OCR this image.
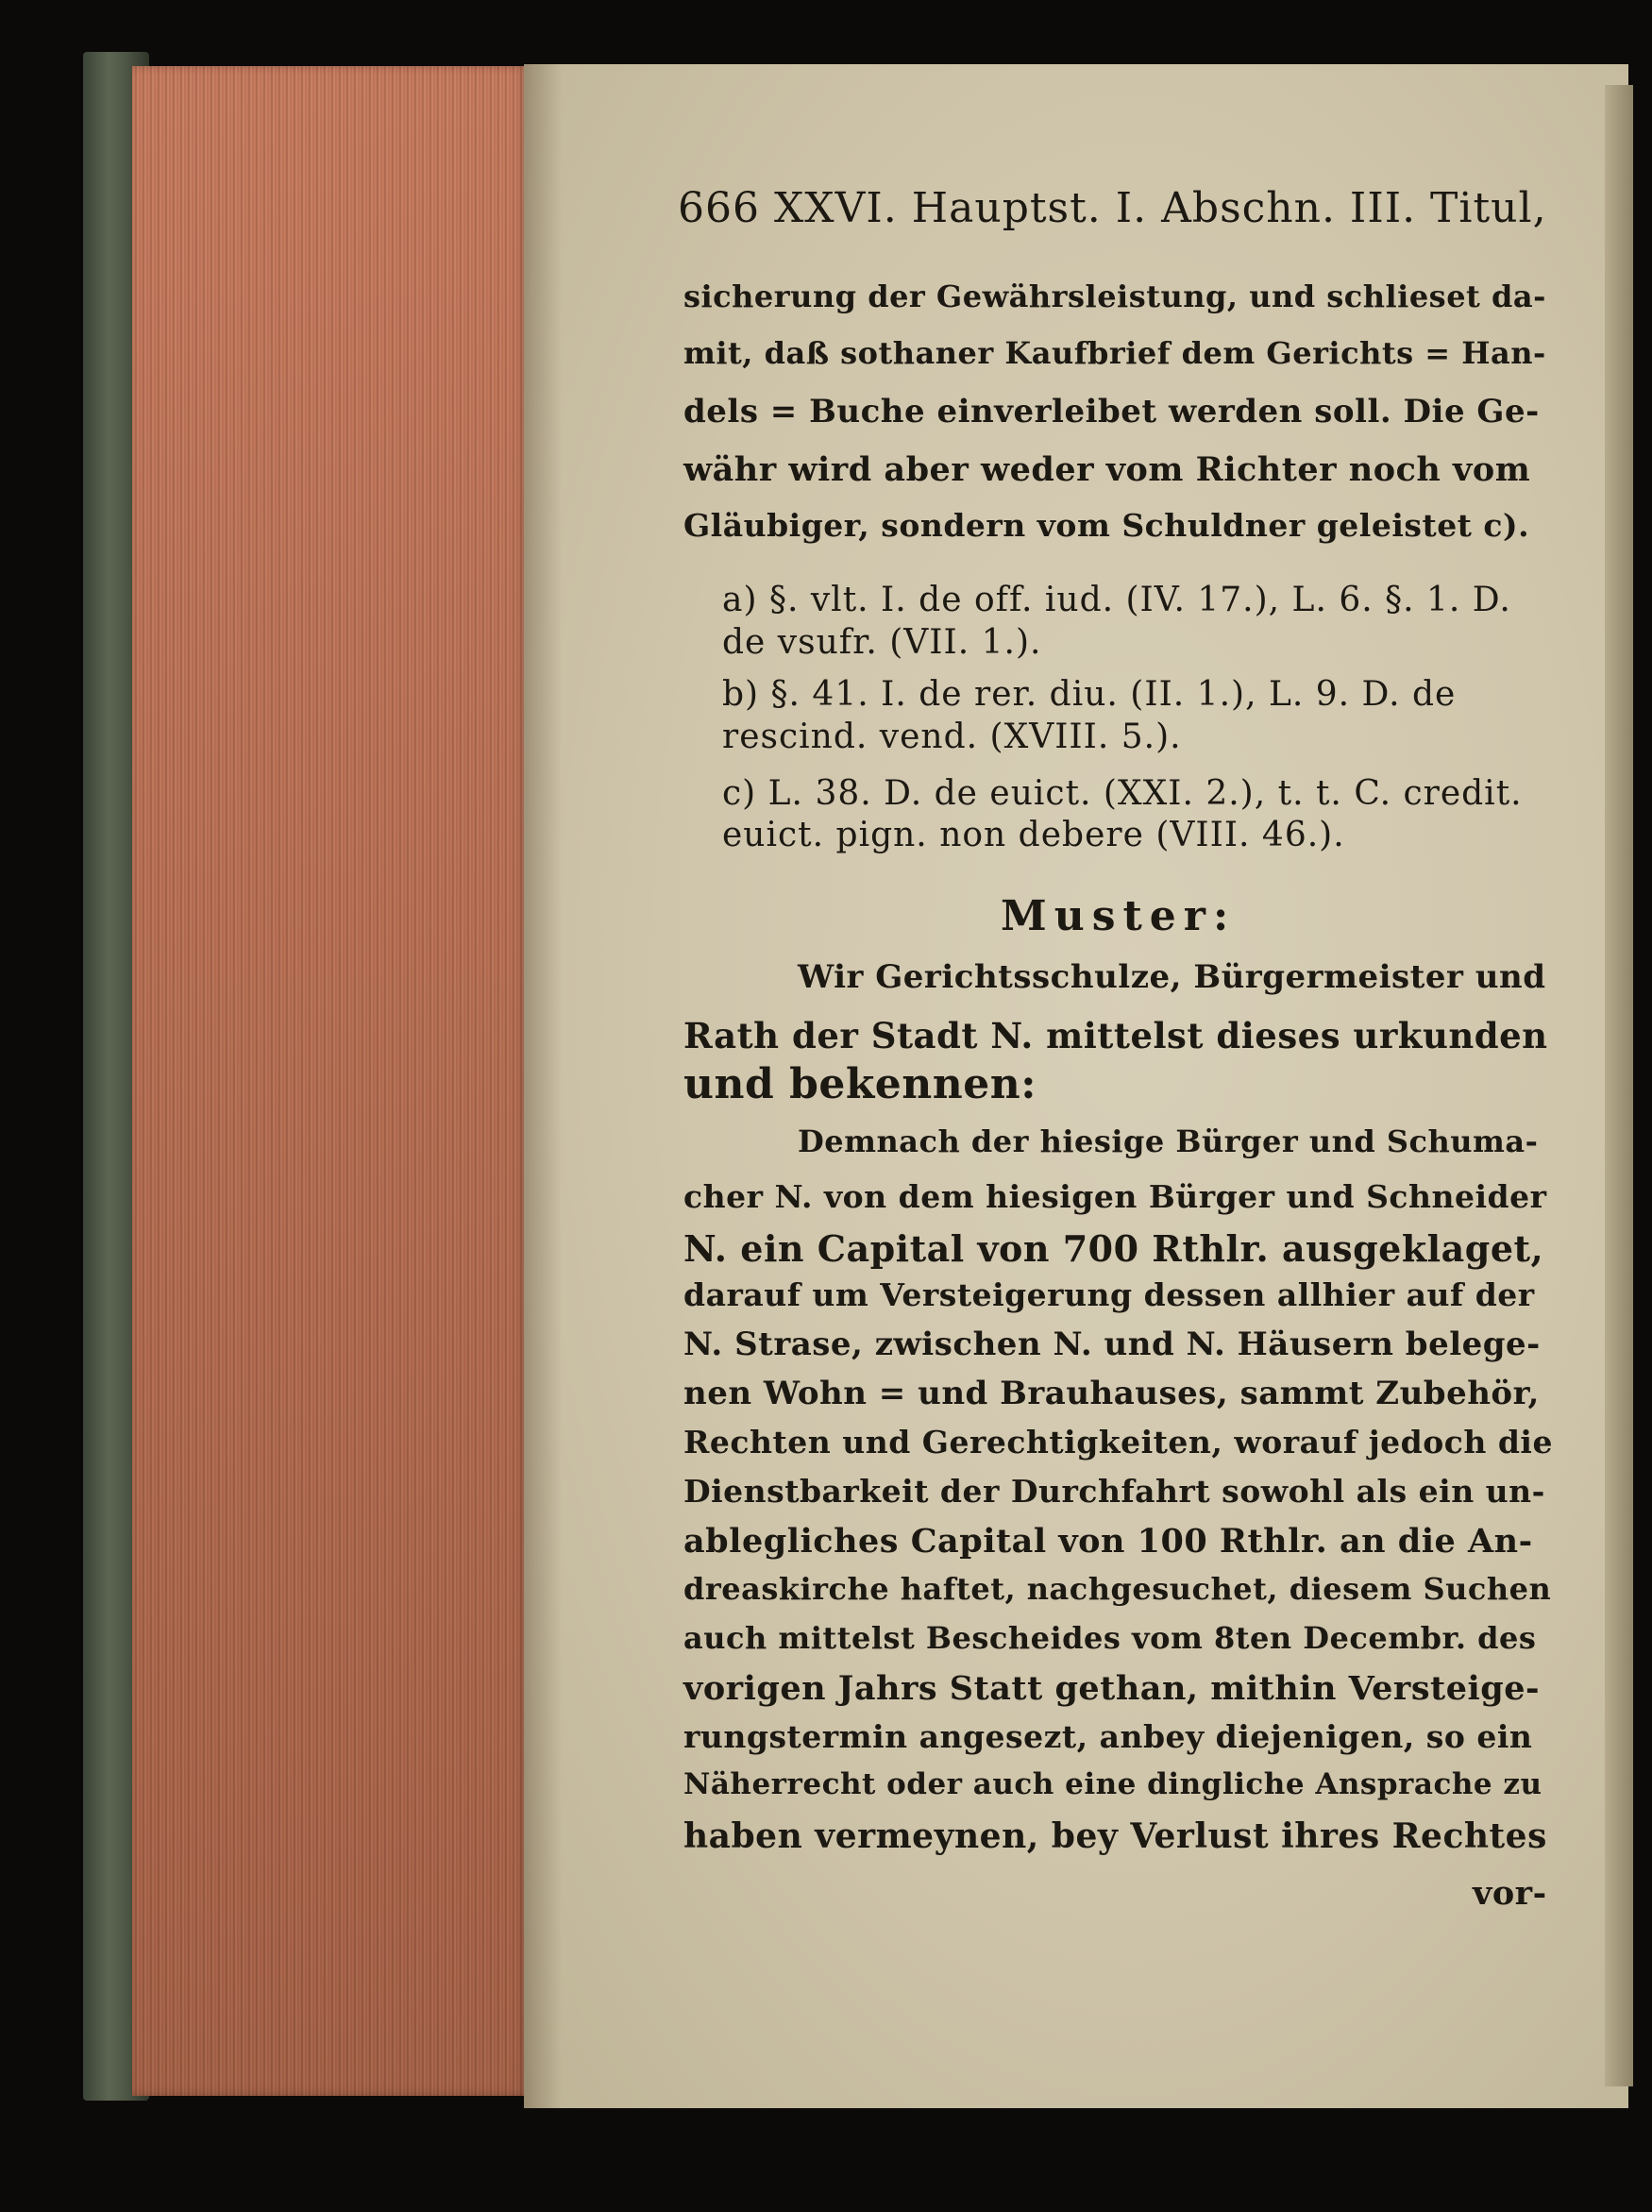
666 XXVI. Hauptst. I. Abschn. III. Titul,
sicherung der Gewährsleistung, und schlieset da-
mit, daß sothaner Kaufbrief dem Gerichts = Han-
dels = Buche einverleibet werden soll. Die Ge-
währ wird aber weder vom Richter noch vom
Gläubiger, sondern vom Schuldner geleistet c).
a) §. vlt. I. de off. iud. (IV. 17.), L. 6. §. 1. D.
de vsufr. (VII. 1.).
b) §. 41. I. de rer. diu. (II. 1.), L. 9. D. de
rescind. vend. (XVIII. 5.).
c) L. 38. D. de euict. (XXI. 2.), t. t. C. credit.
euict. pign. non debere (VIII. 46.).
Muster:
Wir Gerichtsschulze, Bürgermeister und
Rath der Stadt N. mittelst dieses urkunden
und bekennen:
Demnach der hiesige Bürger und Schuma-
cher N. von dem hiesigen Bürger und Schneider
N. ein Capital von 700 Rthlr. ausgeklaget,
darauf um Versteigerung dessen allhier auf der
N. Strase, zwischen N. und N. Häusern belege-
nen Wohn = und Brauhauses, sammt Zubehör,
Rechten und Gerechtigkeiten, worauf jedoch die
Dienstbarkeit der Durchfahrt sowohl als ein un-
ablegliches Capital von 100 Rthlr. an die An-
dreaskirche haftet, nachgesuchet, diesem Suchen
auch mittelst Bescheides vom 8ten Decembr. des
vorigen Jahrs Statt gethan, mithin Versteige-
rungstermin angesezt, anbey diejenigen, so ein
Näherrecht oder auch eine dingliche Ansprache zu
haben vermeynen, bey Verlust ihres Rechtes
vor-
